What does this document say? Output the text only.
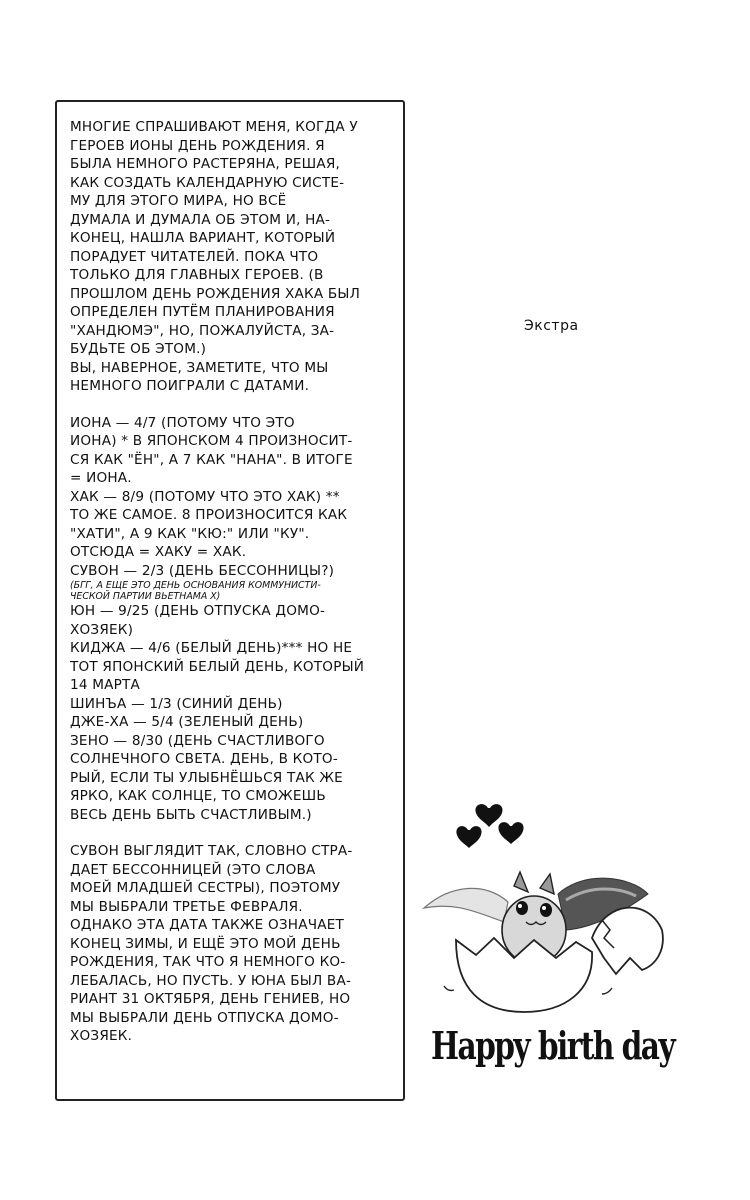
МНОГИЕ СПРАШИВАЮТ МЕНЯ, КОГДА У

ГЕРОЕВ ИОНЫ ДЕНЬ РОЖДЕНИЯ. Я

БЫЛА НЕМНОГО РАСТЕРЯНА, РЕШАЯ,

КАК СОЗДАТЬ КАЛЕНДАРНУЮ СИСТЕ-

МУ ДЛЯ ЭТОГО МИРА, НО ВСЁ

ДУМАЛА И ДУМАЛА ОБ ЭТОМ И, НА-

КОНЕЦ, НАШЛА ВАРИАНТ, КОТОРЫЙ

ПОРАДУЕТ ЧИТАТЕЛЕЙ. ПОКА ЧТО

ТОЛЬКО ДЛЯ ГЛАВНЫХ ГЕРОЕВ. (В

ПРОШЛОМ ДЕНЬ РОЖДЕНИЯ ХАКА БЫЛ

ОПРЕДЕЛЕН ПУТЁМ ПЛАНИРОВАНИЯ

"ХАНДЮМЭ", НО, ПОЖАЛУЙСТА, ЗА-

БУДЬТЕ ОБ ЭТОМ.)

ВЫ, НАВЕРНОЕ, ЗАМЕТИТЕ, ЧТО МЫ

НЕМНОГО ПОИГРАЛИ С ДАТАМИ.

ИОНА — 4/7 (ПОТОМУ ЧТО ЭТО

ИОНА) * В ЯПОНСКОМ 4 ПРОИЗНОСИТ-

СЯ КАК "ЁН", А 7 КАК "НАНА". В ИТОГЕ

= ИОНА.

ХАК — 8/9 (ПОТОМУ ЧТО ЭТО ХАК) **

ТО ЖЕ САМОЕ. 8 ПРОИЗНОСИТСЯ КАК

"ХАТИ", А 9 КАК "КЮ:" ИЛИ "КУ".

ОТСЮДА = ХАКУ = ХАК.

СУВОН — 2/3 (ДЕНЬ БЕССОННИЦЫ?)

(БГГ, А ЕЩЕ ЭТО ДЕНЬ ОСНОВАНИЯ КОММУНИСТИ-

ЧЕСКОЙ ПАРТИИ ВЬЕТНАМА Х)

ЮН — 9/25 (ДЕНЬ ОТПУСКА ДОМО-

ХОЗЯЕК)

КИДЖА — 4/6 (БЕЛЫЙ ДЕНЬ)*** НО НЕ

ТОТ ЯПОНСКИЙ БЕЛЫЙ ДЕНЬ, КОТОРЫЙ

14 МАРТА

ШИНЪА — 1/3 (СИНИЙ ДЕНЬ)

ДЖЕ-ХА — 5/4 (ЗЕЛЕНЫЙ ДЕНЬ)

ЗЕНО — 8/30 (ДЕНЬ СЧАСТЛИВОГО

СОЛНЕЧНОГО СВЕТА. ДЕНЬ, В КОТО-

РЫЙ, ЕСЛИ ТЫ УЛЫБНЁШЬСЯ ТАК ЖЕ

ЯРКО, КАК СОЛНЦЕ, ТО СМОЖЕШЬ

ВЕСЬ ДЕНЬ БЫТЬ СЧАСТЛИВЫМ.)

СУВОН ВЫГЛЯДИТ ТАК, СЛОВНО СТРА-

ДАЕТ БЕССОННИЦЕЙ (ЭТО СЛОВА

МОЕЙ МЛАДШЕЙ СЕСТРЫ), ПОЭТОМУ

МЫ ВЫБРАЛИ ТРЕТЬЕ ФЕВРАЛЯ.

ОДНАКО ЭТА ДАТА ТАКЖЕ ОЗНАЧАЕТ

КОНЕЦ ЗИМЫ, И ЕЩЁ ЭТО МОЙ ДЕНЬ

РОЖДЕНИЯ, ТАК ЧТО Я НЕМНОГО КО-

ЛЕБАЛАСЬ, НО ПУСТЬ. У ЮНА БЫЛ ВА-

РИАНТ 31 ОКТЯБРЯ, ДЕНЬ ГЕНИЕВ, НО

МЫ ВЫБРАЛИ ДЕНЬ ОТПУСКА ДОМО-

ХОЗЯЕК.

Экстра
Happy birth day
